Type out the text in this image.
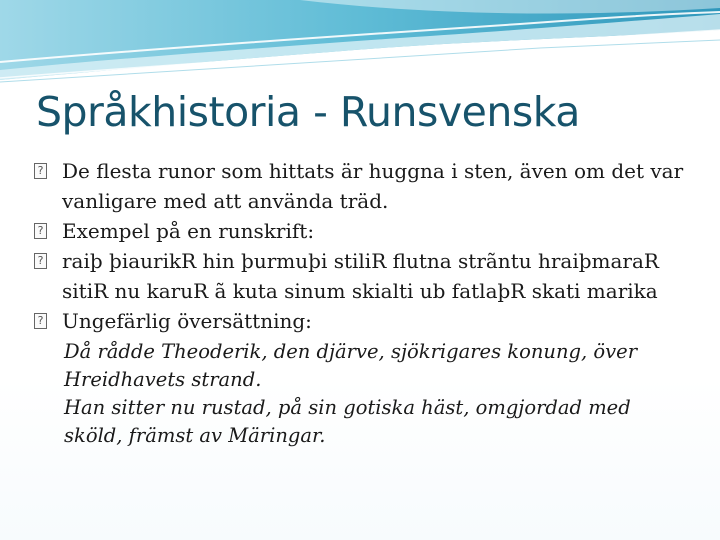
Språkhistoria - Runsvenska
? De flesta runor som hittats är huggna i sten, även om det var vanligare med att använda träd.
? Exempel på en runskrift:
? raiþ þiaurikR hin þurmuþi stiliR flutna strãntu hraiþmaraR sitiR nu karuR ã kuta sinum skialti ub fatlaþR skati marika
? Ungefärlig översättning:
Då rådde Theoderik, den djärve, sjökrigares konung, över
Hreidhavets strand.
Han sitter nu rustad, på sin gotiska häst, omgjordad med
sköld, främst av Märingar.
